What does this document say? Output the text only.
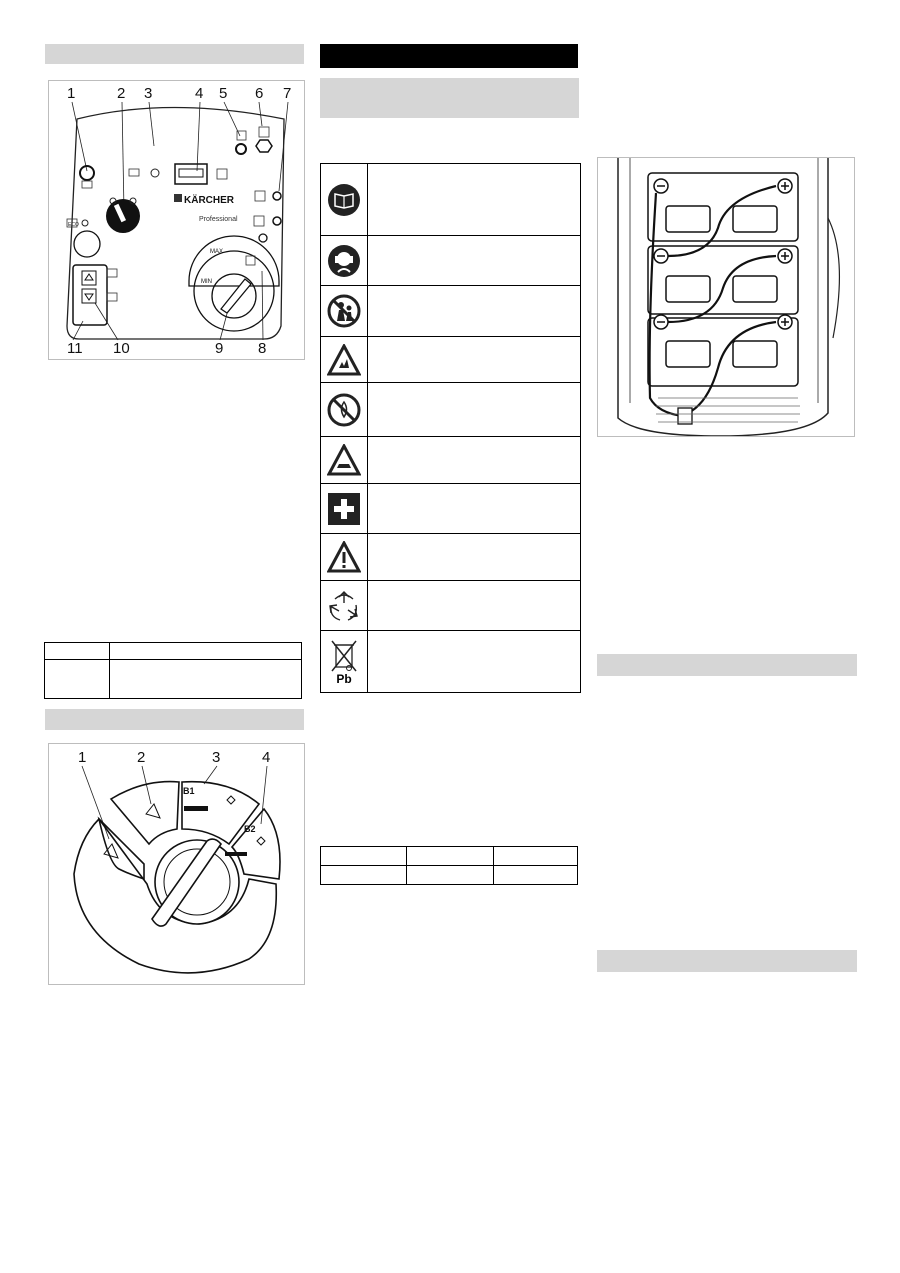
1	2 3	4 5 6 7
8
9
10
11
KÄRCHER
Professional
ECO
MAX
MIN

1	2	3	4
B1
B2
Pb
